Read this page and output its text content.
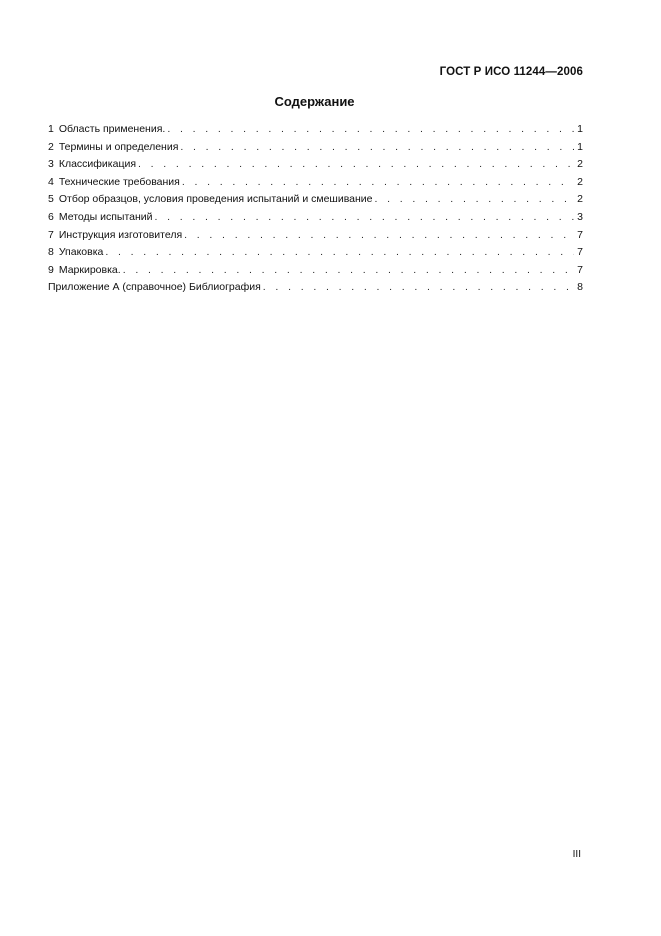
ГОСТ Р ИСО 11244—2006
Содержание
1 Область применения. . . .	1
2 Термины и определения . . .	1
3 Классификация . . .	2
4 Технические требования . . .	2
5 Отбор образцов, условия проведения испытаний и смешивание . . .	2
6 Методы испытаний . . .	3
7 Инструкция изготовителя . . .	7
8 Упаковка . . .	7
9 Маркировка. . . .	7
Приложение А (справочное) Библиография . . .	8
III
